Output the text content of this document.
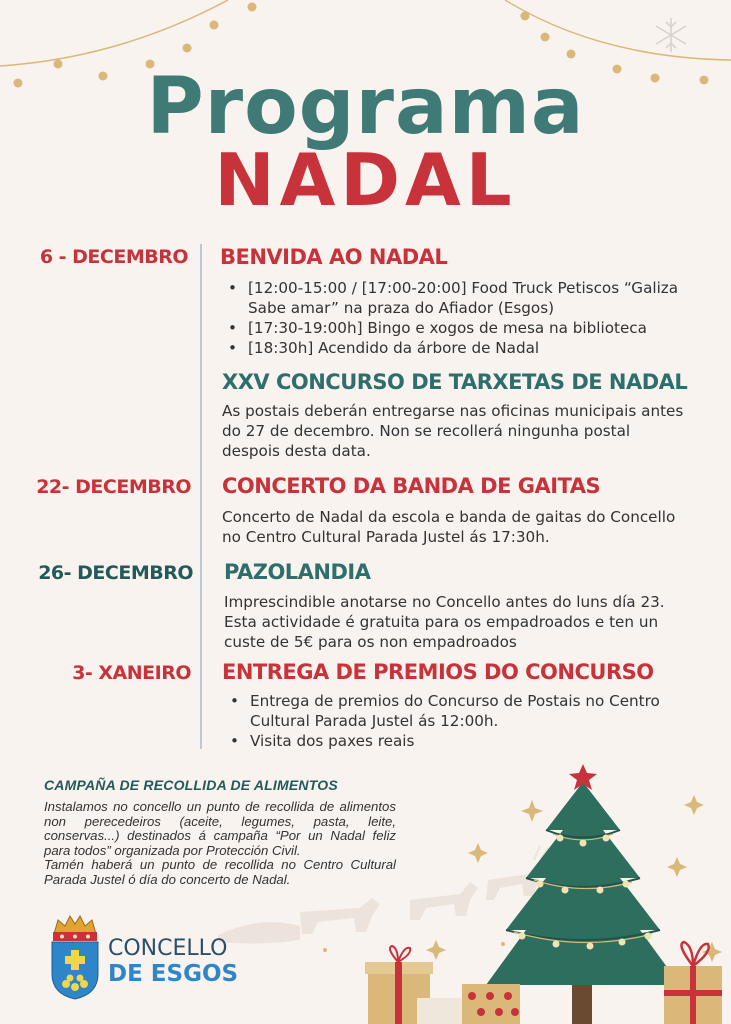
Programa
NADAL
6 - DECEMBRO BENVIDA AO NADAL
• [12:00-15:00 / [17:00-20:00] Food Truck Petiscos “Galiza Sabe amar” na praza do Afiador (Esgos)
• [17:30-19:00h] Bingo e xogos de mesa na biblioteca
• [18:30h] Acendido da árbore de Nadal
XXV CONCURSO DE TARXETAS DE NADAL
As postais deberán entregarse nas oficinas municipais antes do 27 de decembro. Non se recollerá ningunha postal despois desta data.
22- DECEMBRO CONCERTO DA BANDA DE GAITAS
Concerto de Nadal da escola e banda de gaitas do Concello no Centro Cultural Parada Justel ás 17:30h.
26- DECEMBRO PAZOLANDIA
Imprescindible anotarse no Concello antes do luns día 23. Esta actividade é gratuita para os empadroados e ten un custe de 5€ para os non empadroados
3- XANEIRO ENTREGA DE PREMIOS DO CONCURSO
• Entrega de premios do Concurso de Postais no Centro Cultural Parada Justel ás 12:00h.
• Visita dos paxes reais
CAMPAÑA DE RECOLLIDA DE ALIMENTOS

Instalamos no concello un punto de recollida de alimentos non perecedeiros (aceite, legumes, pasta, leite, conservas...) destinados á campaña “Por un Nadal feliz para todos” organizada por Protección Civil.

Tamén haberá un punto de recollida no Centro Cultural Parada Justel ó día do concerto de Nadal.

CONCELLO
DE ESGOS
